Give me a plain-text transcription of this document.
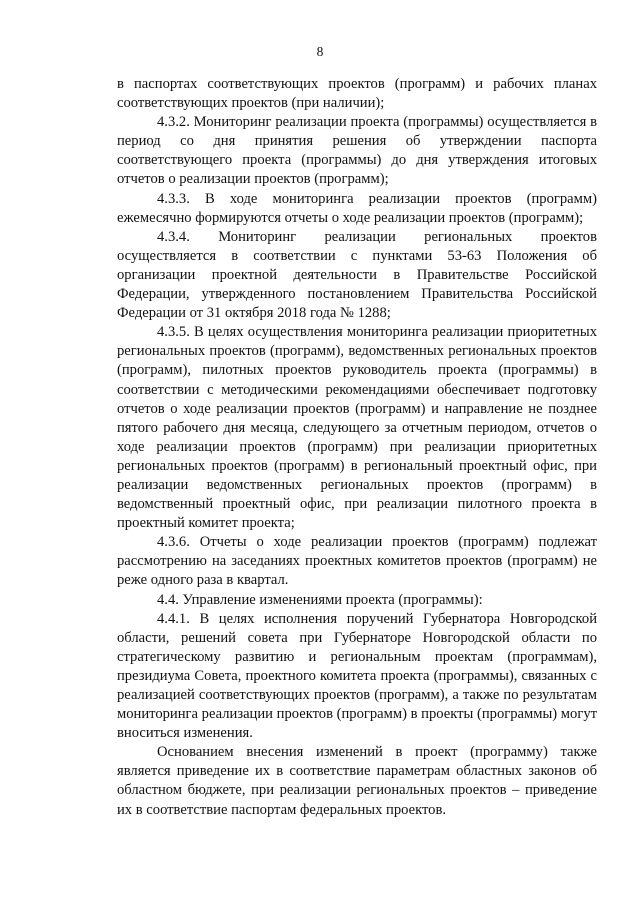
8

в паспортах соответствующих проектов (программ) и рабочих планах соответствующих проектов (при наличии);

4.3.2. Мониторинг реализации проекта (программы) осуществляется в период со дня принятия решения об утверждении паспорта соответствующего проекта (программы) до дня утверждения итоговых отчетов о реализации проектов (программ);

4.3.3. В ходе мониторинга реализации проектов (программ) ежемесячно формируются отчеты о ходе реализации проектов (программ);

4.3.4. Мониторинг реализации региональных проектов осуществляется в соответствии с пунктами 53-63 Положения об организации проектной деятельности в Правительстве Российской Федерации, утвержденного постановлением Правительства Российской Федерации от 31 октября 2018 года № 1288;

4.3.5. В целях осуществления мониторинга реализации приоритетных региональных проектов (программ), ведомственных региональных проектов (программ), пилотных проектов руководитель проекта (программы) в соответствии с методическими рекомендациями обеспечивает подготовку отчетов о ходе реализации проектов (программ) и направление не позднее пятого рабочего дня месяца, следующего за отчетным периодом, отчетов о ходе реализации проектов (программ) при реализации приоритетных региональных проектов (программ) в региональный проектный офис, при реализации ведомственных региональных проектов (программ) в ведомственный проектный офис, при реализации пилотного проекта в проектный комитет проекта;

4.3.6. Отчеты о ходе реализации проектов (программ) подлежат рассмотрению на заседаниях проектных комитетов проектов (программ) не реже одного раза в квартал.

4.4. Управление изменениями проекта (программы):

4.4.1. В целях исполнения поручений Губернатора Новгородской области, решений совета при Губернаторе Новгородской области по стратегическому развитию и региональным проектам (программам), президиума Совета, проектного комитета проекта (программы), связанных с реализацией соответствующих проектов (программ), а также по результатам мониторинга реализации проектов (программ) в проекты (программы) могут вноситься изменения.

Основанием внесения изменений в проект (программу) также является приведение их в соответствие параметрам областных законов об областном бюджете, при реализации региональных проектов – приведение их в соответствие паспортам федеральных проектов.
